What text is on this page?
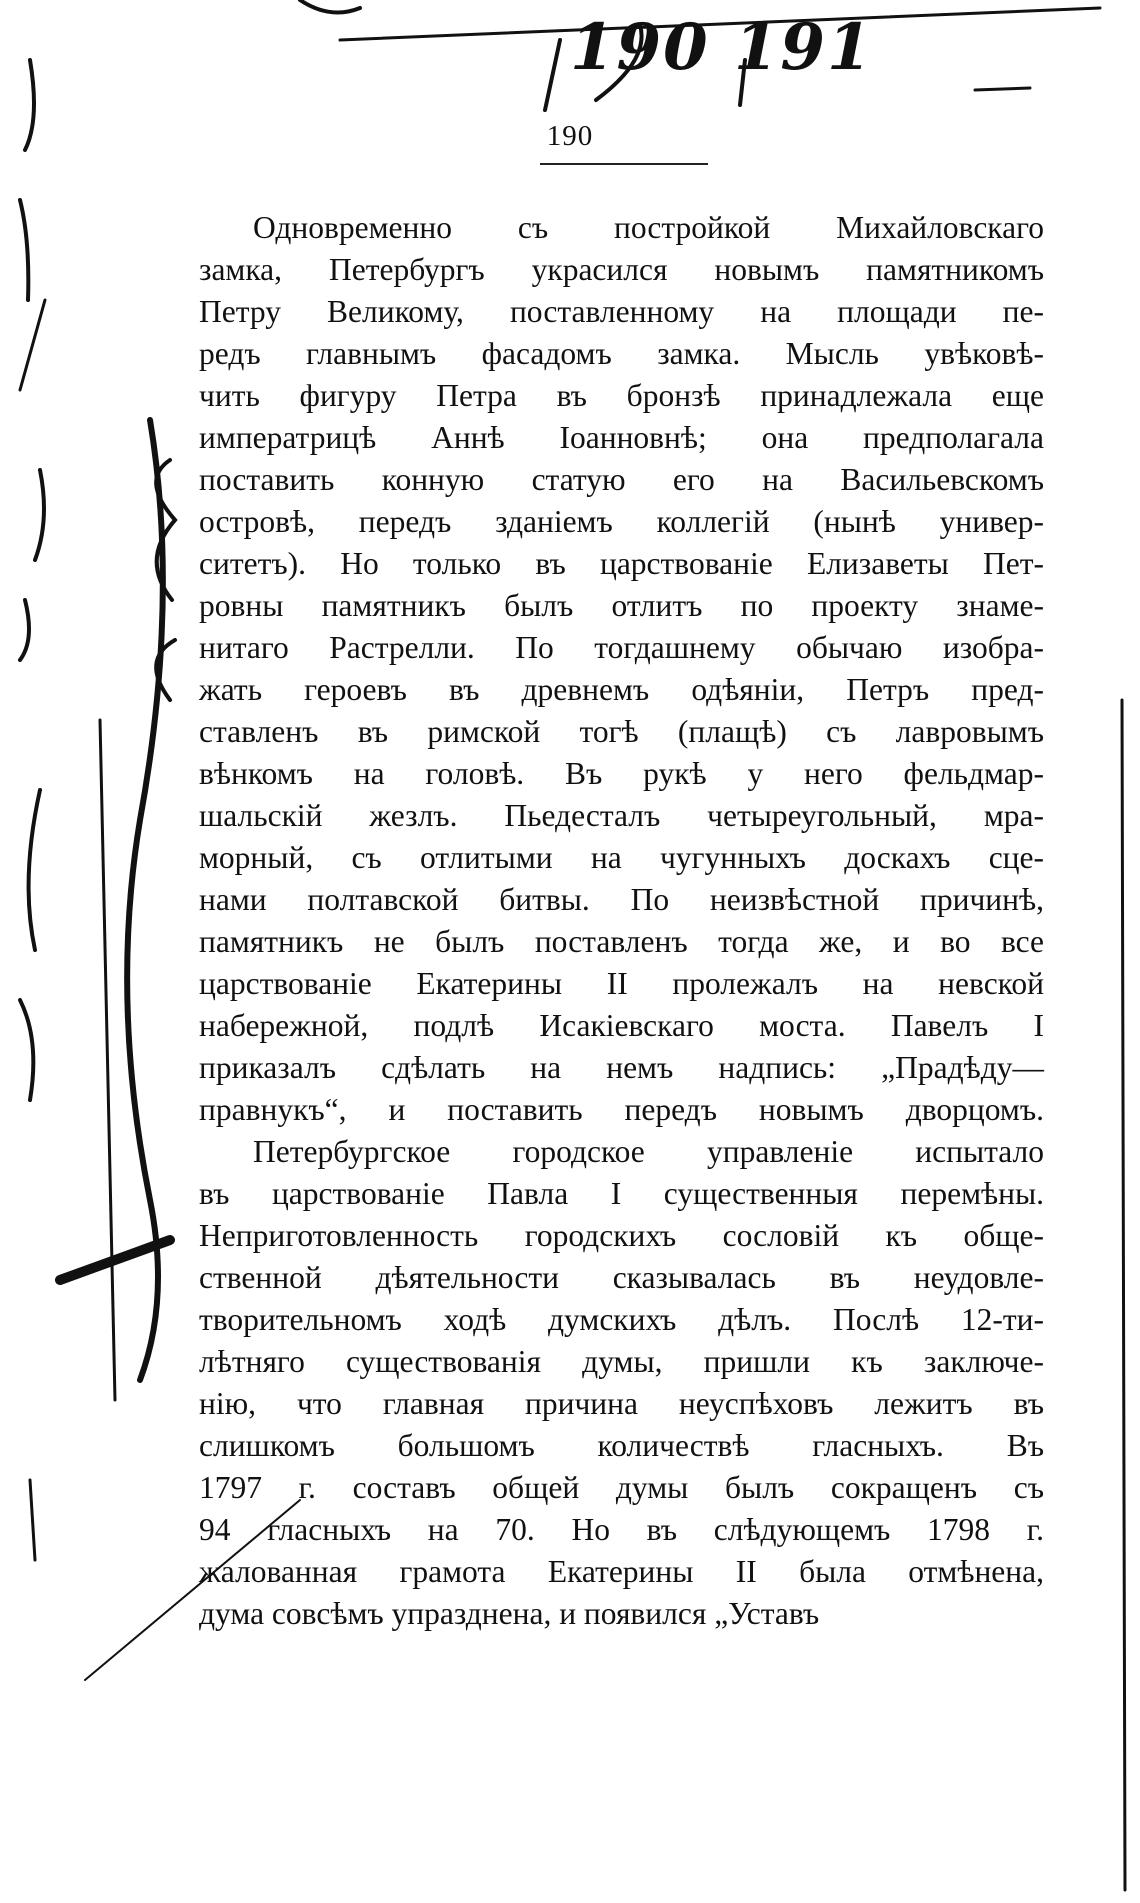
190 191
190
Одновременно съ постройкой Михайловскаго
замка, Петербургъ украсился новымъ памятникомъ
Петру Великому, поставленному на площади пе-
редъ главнымъ фасадомъ замка. Мысль увѣковѣ-
чить фигуру Петра въ бронзѣ принадлежала еще
императрицѣ Аннѣ Іоанновнѣ; она предполагала
поставить конную статую его на Васильевскомъ
островѣ, передъ зданіемъ коллегій (нынѣ универ-
ситетъ). Но только въ царствованіе Елизаветы Пет-
ровны памятникъ былъ отлитъ по проекту знаме-
нитаго Растрелли. По тогдашнему обычаю изобра-
жать героевъ въ древнемъ одѣяніи, Петръ пред-
ставленъ въ римской тогѣ (плащѣ) съ лавровымъ
вѣнкомъ на головѣ. Въ рукѣ у него фельдмар-
шальскій жезлъ. Пьедесталъ четыреугольный, мра-
морный, съ отлитыми на чугунныхъ доскахъ сце-
нами полтавской битвы. По неизвѣстной причинѣ,
памятникъ не былъ поставленъ тогда же, и во все
царствованіе Екатерины II пролежалъ на невской
набережной, подлѣ Исакіевскаго моста. Павелъ I
приказалъ сдѣлать на немъ надпись: „Прадѣду—
правнукъ“, и поставить передъ новымъ дворцомъ.
Петербургское городское управленіе испытало
въ царствованіе Павла I существенныя перемѣны.
Неприготовленность городскихъ сословій къ обще-
ственной дѣятельности сказывалась въ неудовле-
творительномъ ходѣ думскихъ дѣлъ. Послѣ 12-ти-
лѣтняго существованія думы, пришли къ заключе-
нію, что главная причина неуспѣховъ лежитъ въ
слишкомъ большомъ количествѣ гласныхъ. Въ
1797 г. составъ общей думы былъ сокращенъ съ
94 гласныхъ на 70. Но въ слѣдующемъ 1798 г.
жалованная грамота Екатерины II была отмѣнена,
дума совсѣмъ упразднена, и появился „Уставъ
